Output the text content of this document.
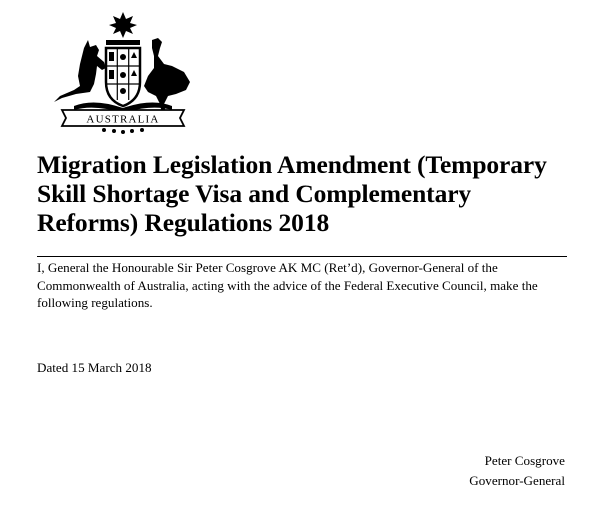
AUSTRALIA
Migration Legislation Amendment (Temporary
Skill Shortage Visa and Complementary
Reforms) Regulations 2018

I, General the Honourable Sir Peter Cosgrove AK MC (Ret’d), Governor-General of the Commonwealth of Australia, acting with the advice of the Federal Executive Council, make the following regulations.

Dated 15 March 2018

Peter Cosgrove
Governor-General
